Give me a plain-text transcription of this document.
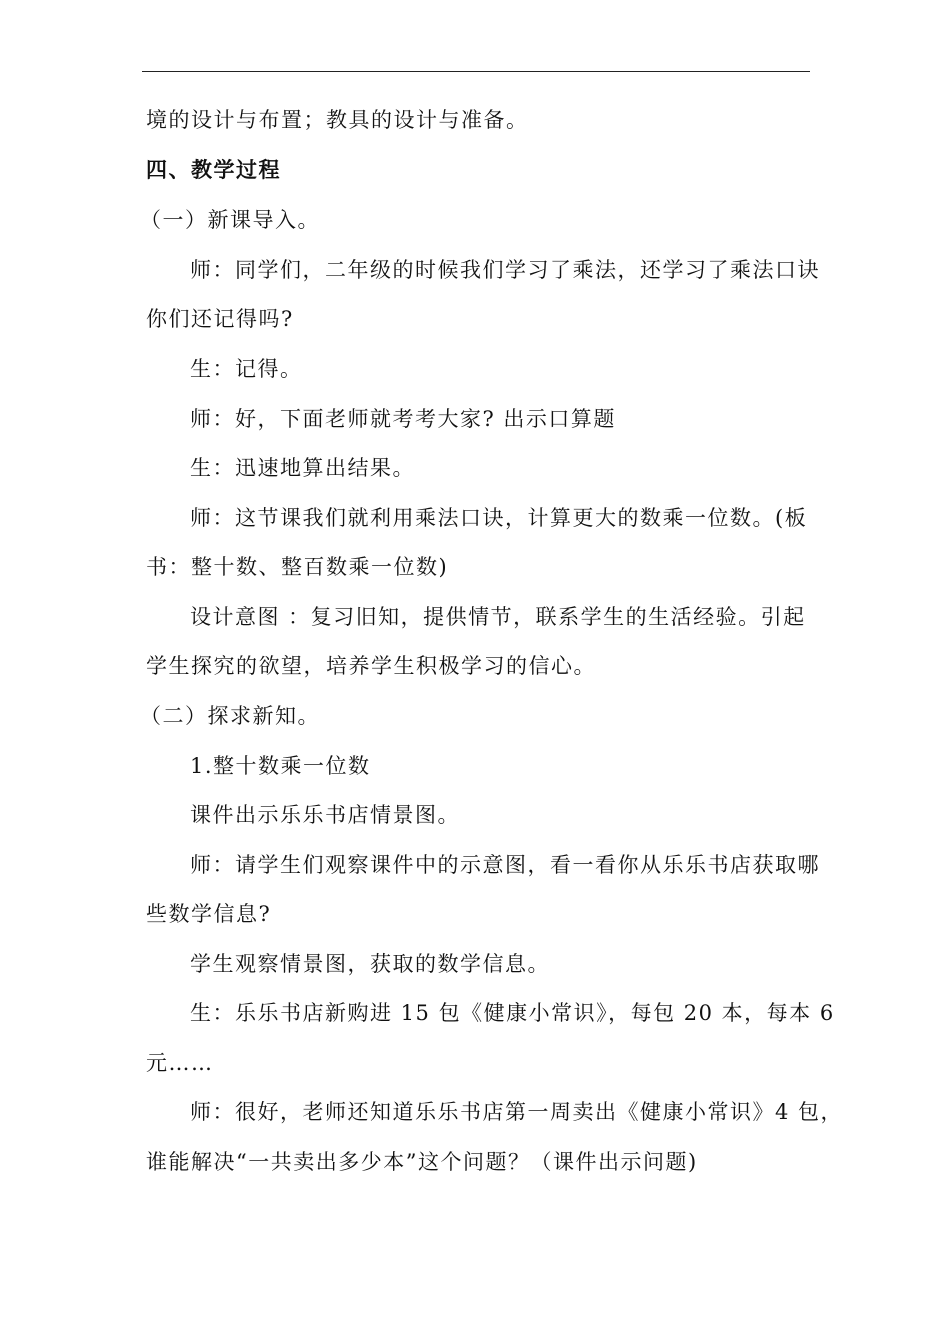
境的设计与布置；教具的设计与准备。

四、教学过程

（一）新课导入。

师：同学们，二年级的时候我们学习了乘法，还学习了乘法口诀

你们还记得吗?

生：记得。

师：好，下面老师就考考大家? 出示口算题

生：迅速地算出结果。

师：这节课我们就利用乘法口诀，计算更大的数乘一位数。(板

书：整十数、整百数乘一位数)

设计意图 ：复习旧知，提供情节，联系学生的生活经验。引起

学生探究的欲望，培养学生积极学习的信心。

（二）探求新知。

1.整十数乘一位数

课件出示乐乐书店情景图。

师：请学生们观察课件中的示意图，看一看你从乐乐书店获取哪

些数学信息?

学生观察情景图，获取的数学信息。

生：乐乐书店新购进 15 包《健康小常识》，每包 20 本，每本 6

元……

师：很好，老师还知道乐乐书店第一周卖出《健康小常识》4 包，

谁能解决“一共卖出多少本”这个问题？（课件出示问题)
